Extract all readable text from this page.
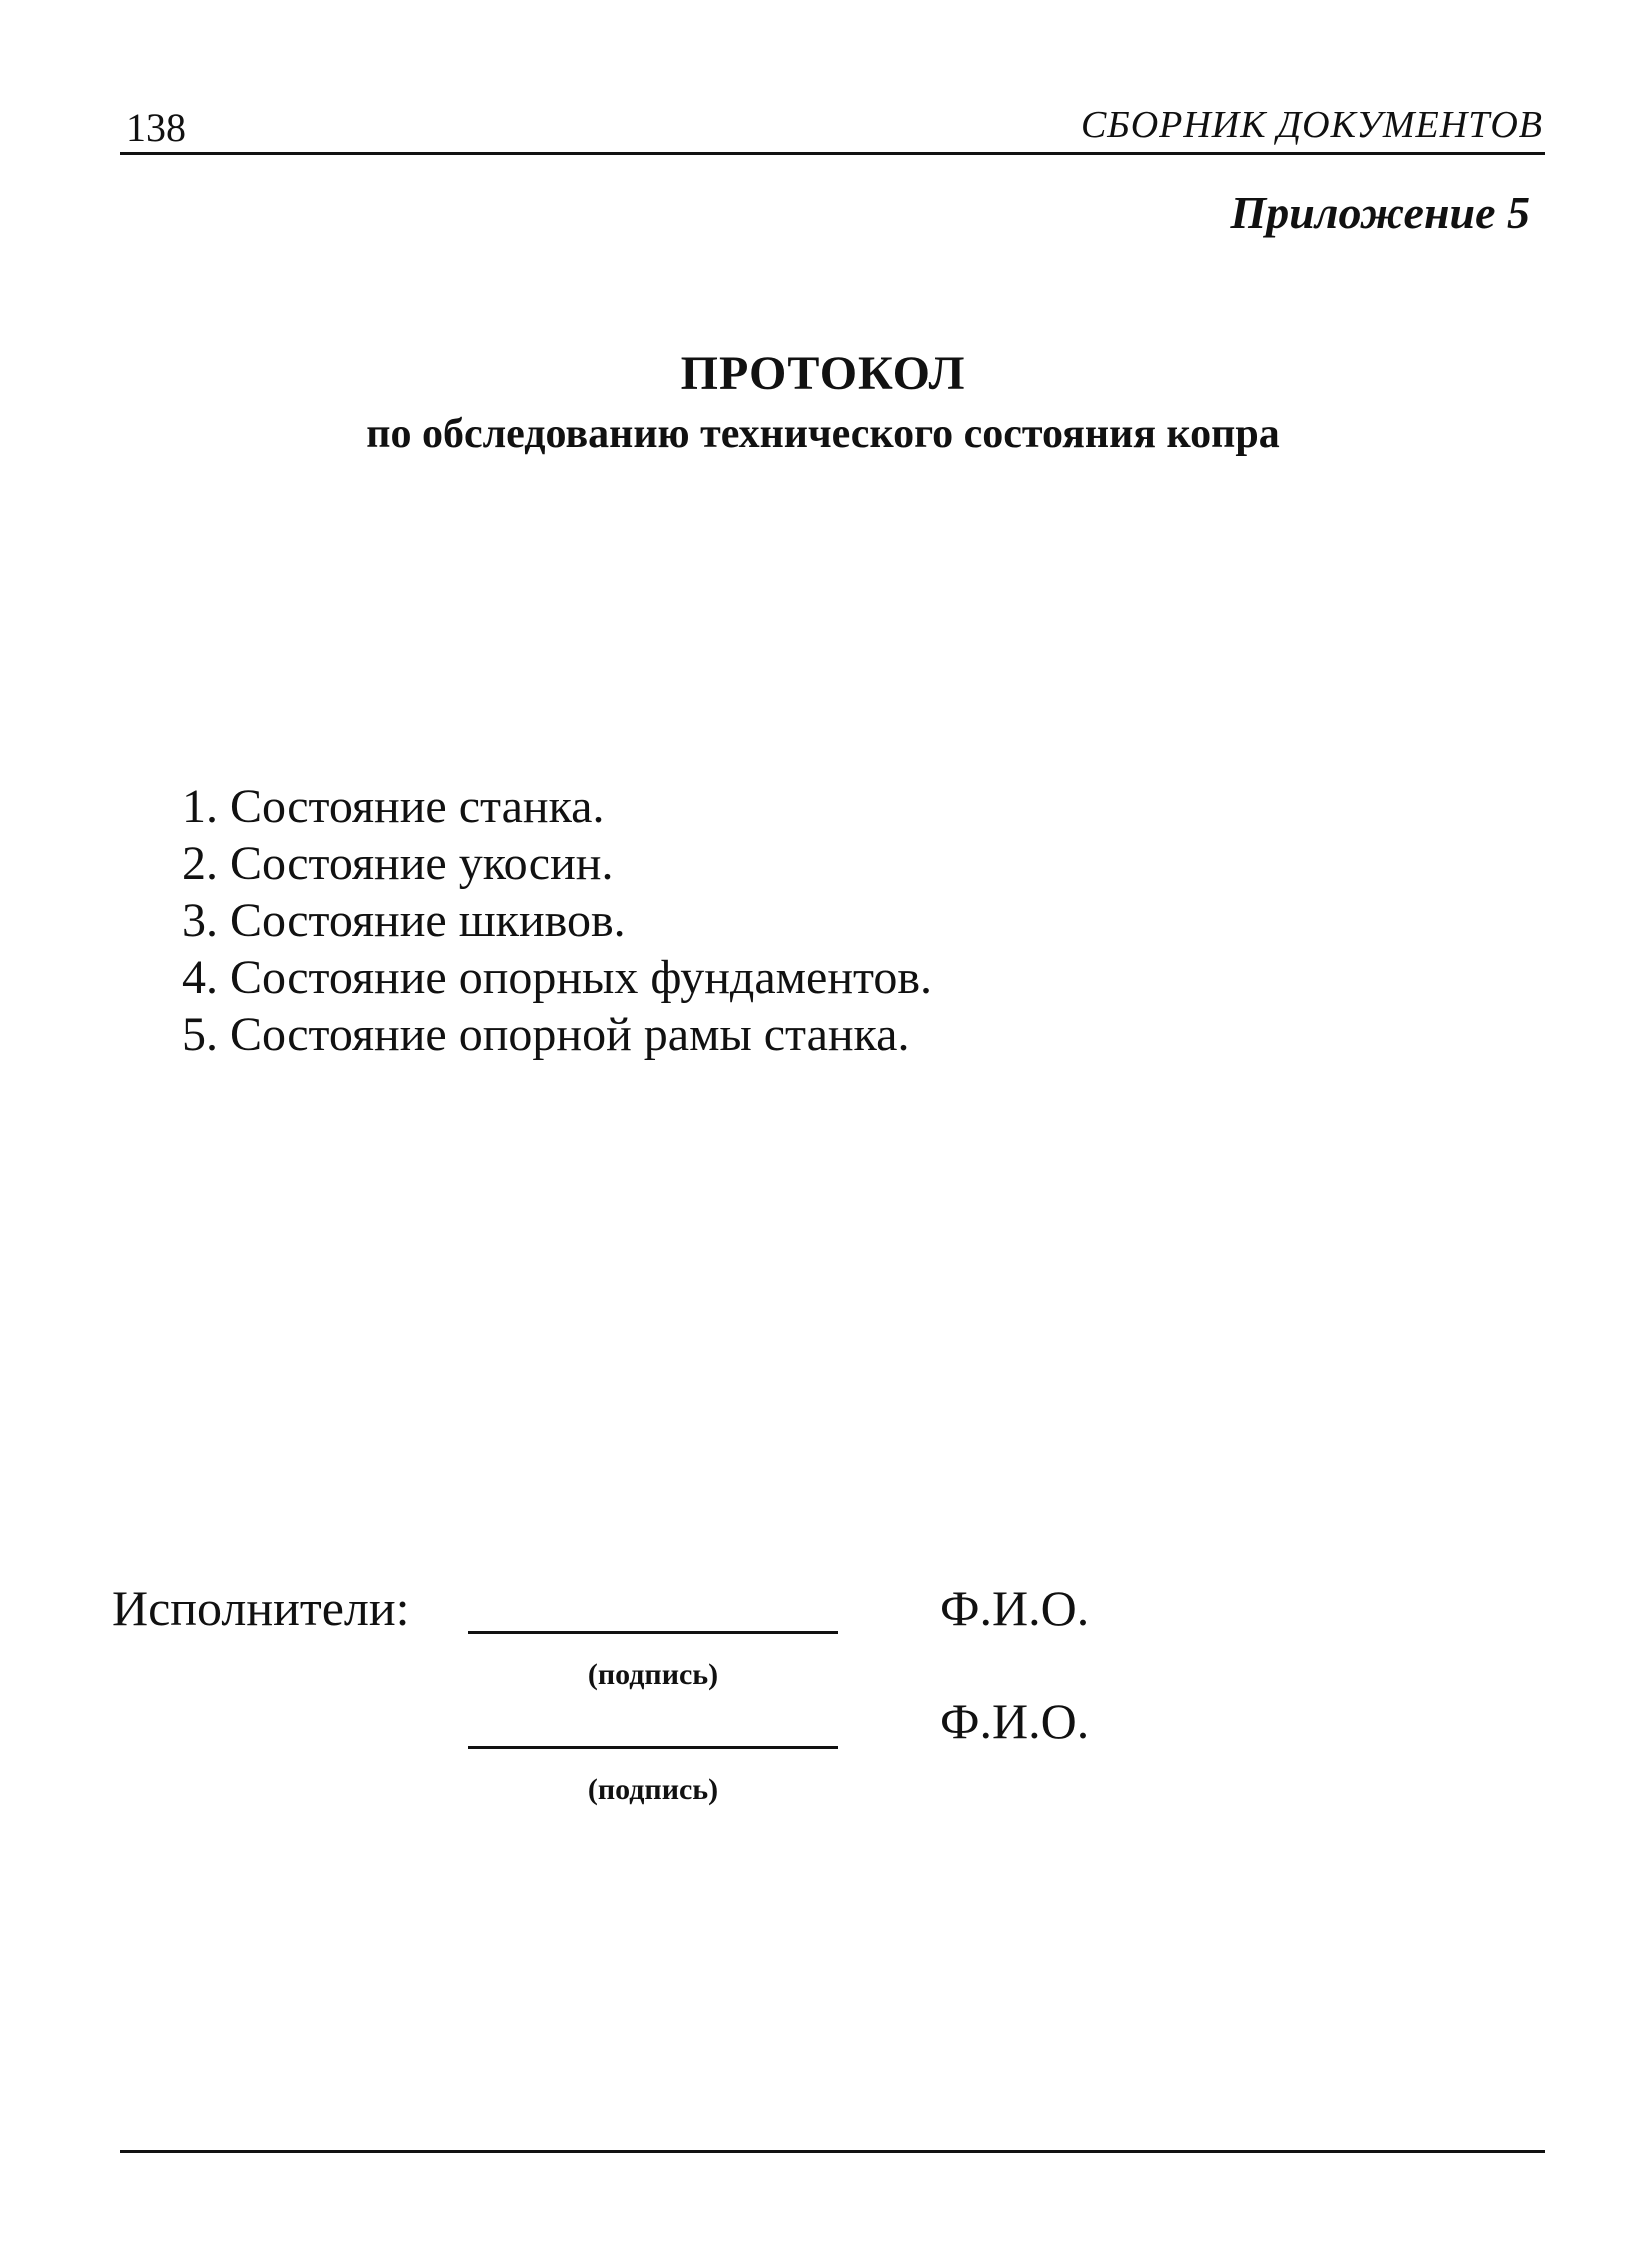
138	СБОРНИК ДОКУМЕНТОВ
Приложение 5
ПРОТОКОЛ
по обследованию технического состояния копра
1. Состояние станка.
2. Состояние укосин.
3. Состояние шкивов.
4. Состояние опорных фундаментов.
5. Состояние опорной рамы станка.
Исполнители:
(подпись)
Ф.И.О.
(подпись)
Ф.И.О.
